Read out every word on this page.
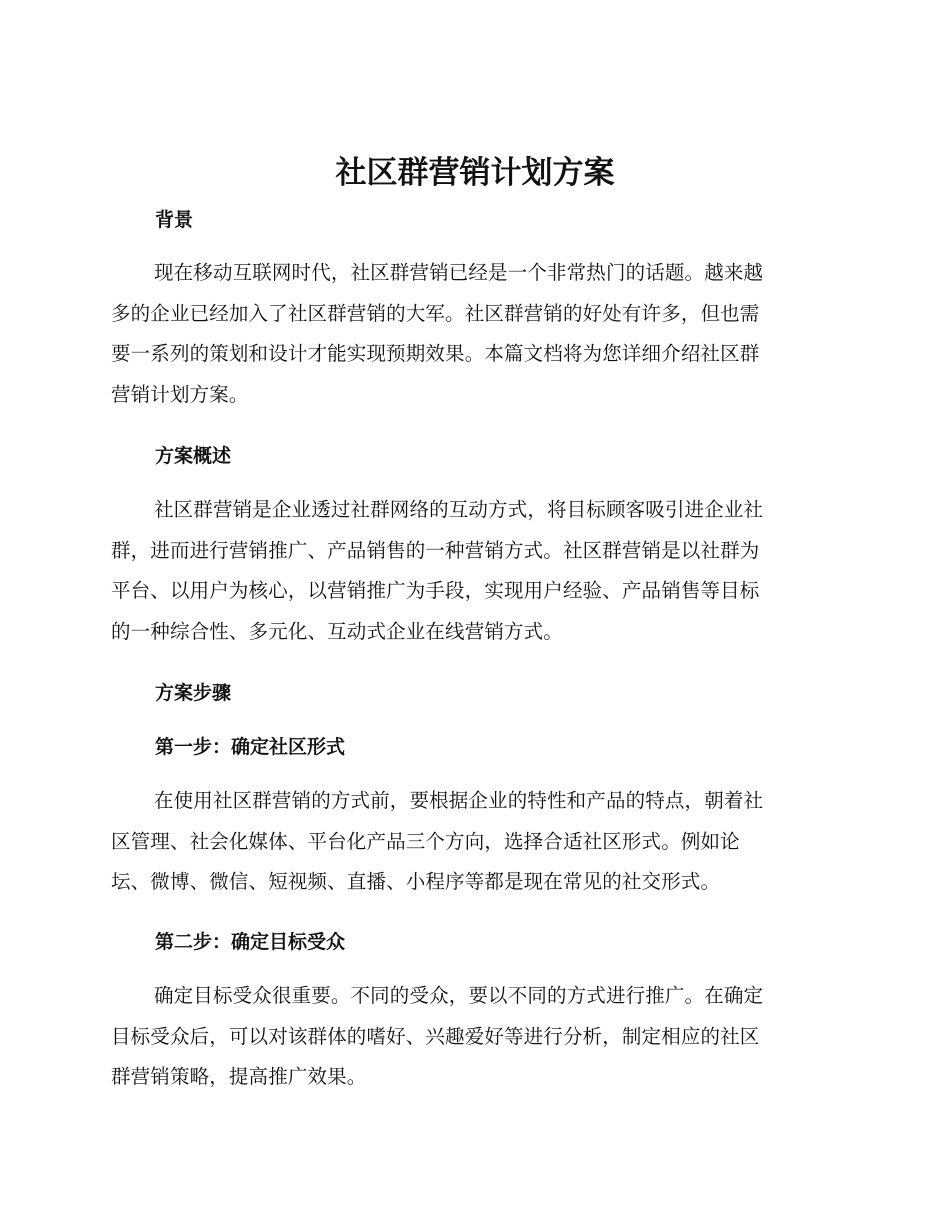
社区群营销计划方案
背景

现在移动互联网时代，社区群营销已经是一个非常热门的话题。越来越
多的企业已经加入了社区群营销的大军。社区群营销的好处有许多，但也需
要一系列的策划和设计才能实现预期效果。本篇文档将为您详细介绍社区群
营销计划方案。

方案概述

社区群营销是企业透过社群网络的互动方式，将目标顾客吸引进企业社
群，进而进行营销推广、产品销售的一种营销方式。社区群营销是以社群为
平台、以用户为核心，以营销推广为手段，实现用户经验、产品销售等目标
的一种综合性、多元化、互动式企业在线营销方式。

方案步骤
第一步：确定社区形式

在使用社区群营销的方式前，要根据企业的特性和产品的特点，朝着社
区管理、社会化媒体、平台化产品三个方向，选择合适社区形式。例如论
坛、微博、微信、短视频、直播、小程序等都是现在常见的社交形式。

第二步：确定目标受众

确定目标受众很重要。不同的受众，要以不同的方式进行推广。在确定
目标受众后，可以对该群体的嗜好、兴趣爱好等进行分析，制定相应的社区
群营销策略，提高推广效果。
